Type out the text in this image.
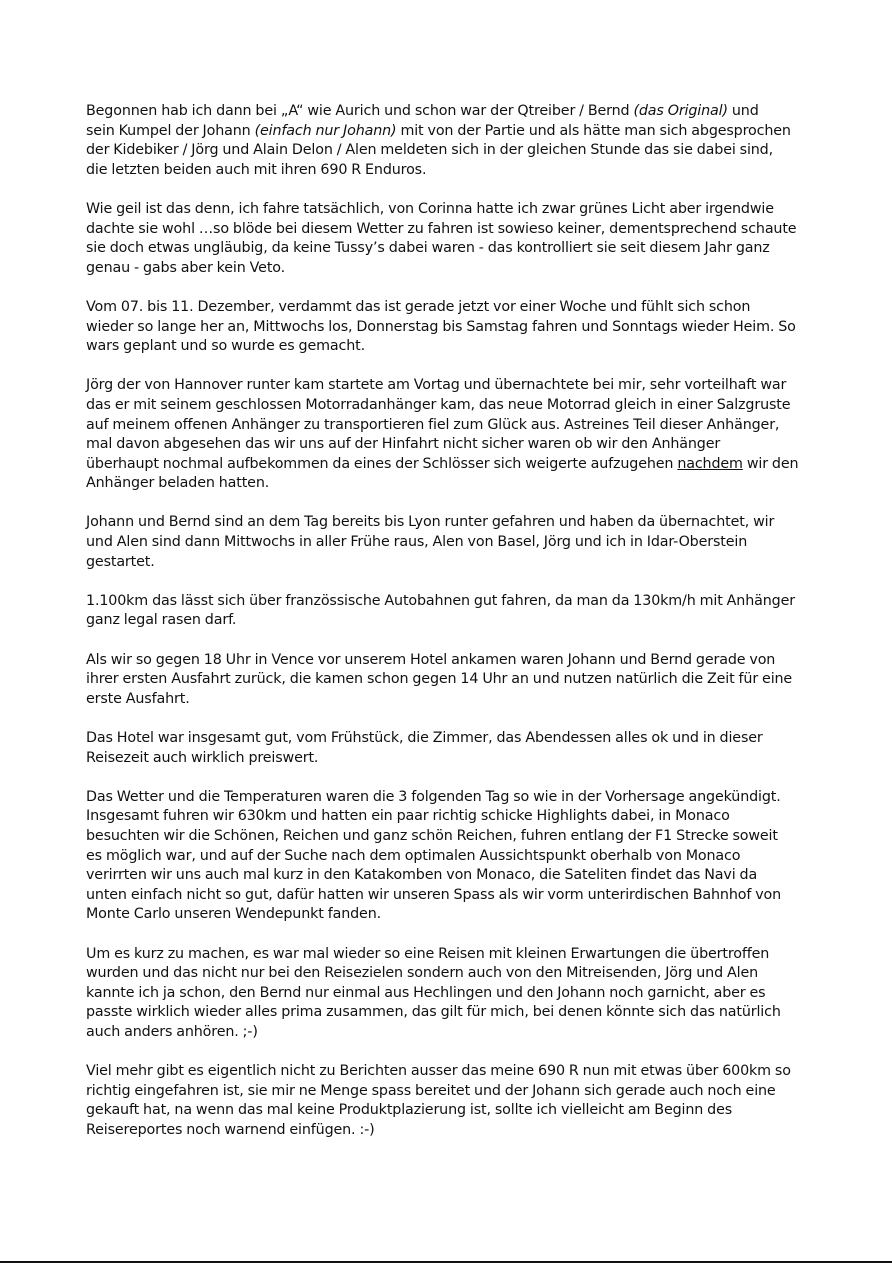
Begonnen hab ich dann bei „A“ wie Aurich und schon war der Qtreiber / Bernd (das Original) und
sein Kumpel der Johann (einfach nur Johann) mit von der Partie und als hätte man sich abgesprochen
der Kidebiker / Jörg und Alain Delon / Alen meldeten sich in der gleichen Stunde das sie dabei sind,
die letzten beiden auch mit ihren 690 R Enduros.

Wie geil ist das denn, ich fahre tatsächlich, von Corinna hatte ich zwar grünes Licht aber irgendwie
dachte sie wohl …so blöde bei diesem Wetter zu fahren ist sowieso keiner, dementsprechend schaute
sie doch etwas ungläubig, da keine Tussy’s dabei waren - das kontrolliert sie seit diesem Jahr ganz
genau - gabs aber kein Veto.

Vom 07. bis 11. Dezember, verdammt das ist gerade jetzt vor einer Woche und fühlt sich schon
wieder so lange her an, Mittwochs los, Donnerstag bis Samstag fahren und Sonntags wieder Heim. So
wars geplant und so wurde es gemacht.

Jörg der von Hannover runter kam startete am Vortag und übernachtete bei mir, sehr vorteilhaft war
das er mit seinem geschlossen Motorradanhänger kam, das neue Motorrad gleich in einer Salzgruste
auf meinem offenen Anhänger zu transportieren fiel zum Glück aus. Astreines Teil dieser Anhänger,
mal davon abgesehen das wir uns auf der Hinfahrt nicht sicher waren ob wir den Anhänger
überhaupt nochmal aufbekommen da eines der Schlösser sich weigerte aufzugehen nachdem wir den
Anhänger beladen hatten.

Johann und Bernd sind an dem Tag bereits bis Lyon runter gefahren und haben da übernachtet, wir
und Alen sind dann Mittwochs in aller Frühe raus, Alen von Basel, Jörg und ich in Idar-Oberstein
gestartet.

1.100km das lässt sich über französsische Autobahnen gut fahren, da man da 130km/h mit Anhänger
ganz legal rasen darf.

Als wir so gegen 18 Uhr in Vence vor unserem Hotel ankamen waren Johann und Bernd gerade von
ihrer ersten Ausfahrt zurück, die kamen schon gegen 14 Uhr an und nutzen natürlich die Zeit für eine
erste Ausfahrt.

Das Hotel war insgesamt gut, vom Frühstück, die Zimmer, das Abendessen alles ok und in dieser
Reisezeit auch wirklich preiswert.

Das Wetter und die Temperaturen waren die 3 folgenden Tag so wie in der Vorhersage angekündigt.
Insgesamt fuhren wir 630km und hatten ein paar richtig schicke Highlights dabei, in Monaco
besuchten wir die Schönen, Reichen und ganz schön Reichen, fuhren entlang der F1 Strecke soweit
es möglich war, und auf der Suche nach dem optimalen Aussichtspunkt oberhalb von Monaco
verirrten wir uns auch mal kurz in den Katakomben von Monaco, die Sateliten findet das Navi da
unten einfach nicht so gut, dafür hatten wir unseren Spass als wir vorm unterirdischen Bahnhof von
Monte Carlo unseren Wendepunkt fanden.

Um es kurz zu machen, es war mal wieder so eine Reisen mit kleinen Erwartungen die übertroffen
wurden und das nicht nur bei den Reisezielen sondern auch von den Mitreisenden, Jörg und Alen
kannte ich ja schon, den Bernd nur einmal aus Hechlingen und den Johann noch garnicht, aber es
passte wirklich wieder alles prima zusammen, das gilt für mich, bei denen könnte sich das natürlich
auch anders anhören. ;-)

Viel mehr gibt es eigentlich nicht zu Berichten ausser das meine 690 R nun mit etwas über 600km so
richtig eingefahren ist, sie mir ne Menge spass bereitet und der Johann sich gerade auch noch eine
gekauft hat, na wenn das mal keine Produktplazierung ist, sollte ich vielleicht am Beginn des
Reisereportes noch warnend einfügen. :-)
